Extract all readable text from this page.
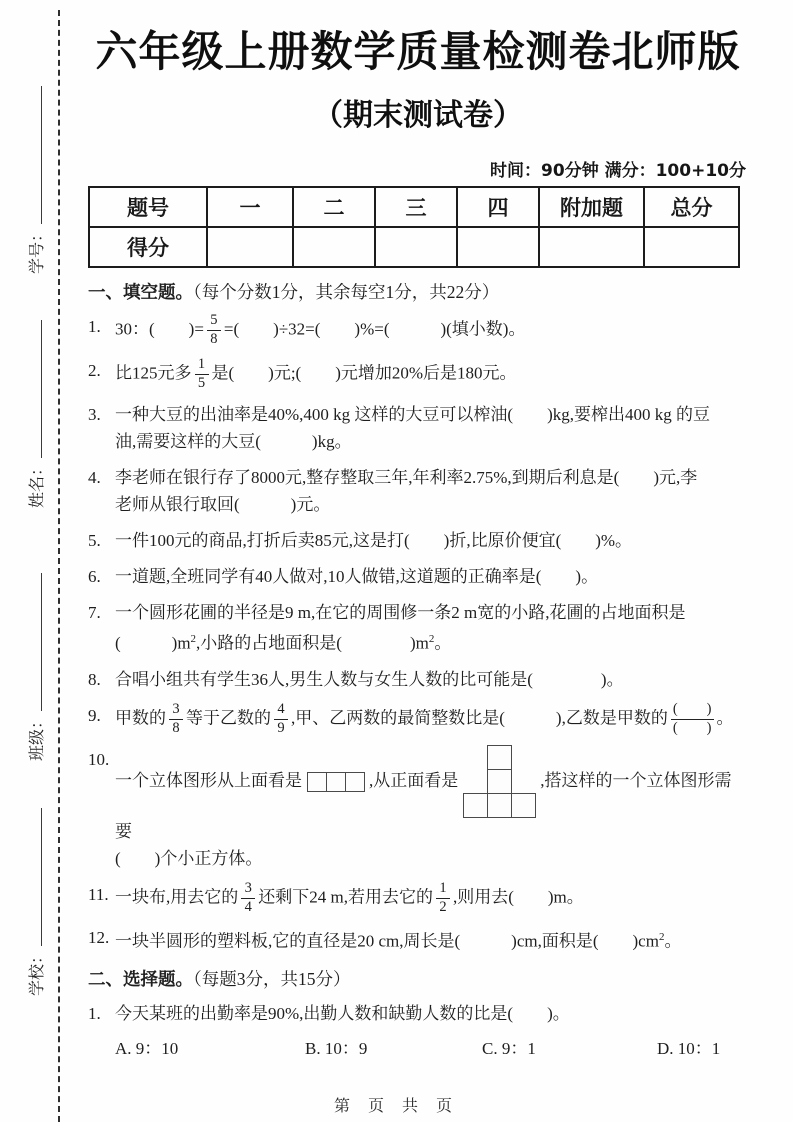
学号：
姓名：
班级：
学校：
六年级上册数学质量检测卷北师版
（期末测试卷）
时间：90分钟 满分：100+10分
题号	一	二	三	四	附加题	总分
得分						
一、填空题。（每个分数1分，其余每空1分，共22分）
1. 30：(　　)= $\frac{5}{8}$ =(　　)÷32=(　　)%=(　　　)(填小数)。
2. 比125元多 $\frac{1}{5}$ 是(　　)元;(　　)元增加20%后是180元。
3. 一种大豆的出油率是40%,400 kg 这样的大豆可以榨油(　　)kg,要榨出400 kg 的豆
油,需要这样的大豆(　　　)kg。
4. 李老师在银行存了8000元,整存整取三年,年利率2.75%,到期后利息是(　　)元,李
老师从银行取回(　　　)元。
5. 一件100元的商品,打折后卖85元,这是打(　　)折,比原价便宜(　　)%。
6. 一道题,全班同学有40人做对,10人做错,这道题的正确率是(　　)。
7. 一个圆形花圃的半径是9 m,在它的周围修一条2 m宽的小路,花圃的占地面积是
(　　　)$m^2$,小路的占地面积是(　　　　)$m^2$。
8. 合唱小组共有学生36人,男生人数与女生人数的比可能是(　　　　)。
9. 甲数的 $\frac{3}{8}$ 等于乙数的 $\frac{4}{9}$ ,甲、乙两数的最简整数比是(　　　),乙数是甲数的 $\frac{( )}{( )}$ 。
10.
一个立体图形从上面看是	,从正面看是	,搭这样的一个立体图形需要
(　　)个小正方体。
11. 一块布,用去它的 $\frac{3}{4}$ 还剩下24 m,若用去它的 $\frac{1}{2}$ ,则用去(　　)m。
12. 一块半圆形的塑料板,它的直径是20 cm,周长是(　　　)cm,面积是(　　)$cm^2$。
二、选择题。（每题3分，共15分）
1. 今天某班的出勤率是90%,出勤人数和缺勤人数的比是(　　)。
A. 9：10	B. 10：9	C. 9：1	D. 10：1
第 页 共 页
